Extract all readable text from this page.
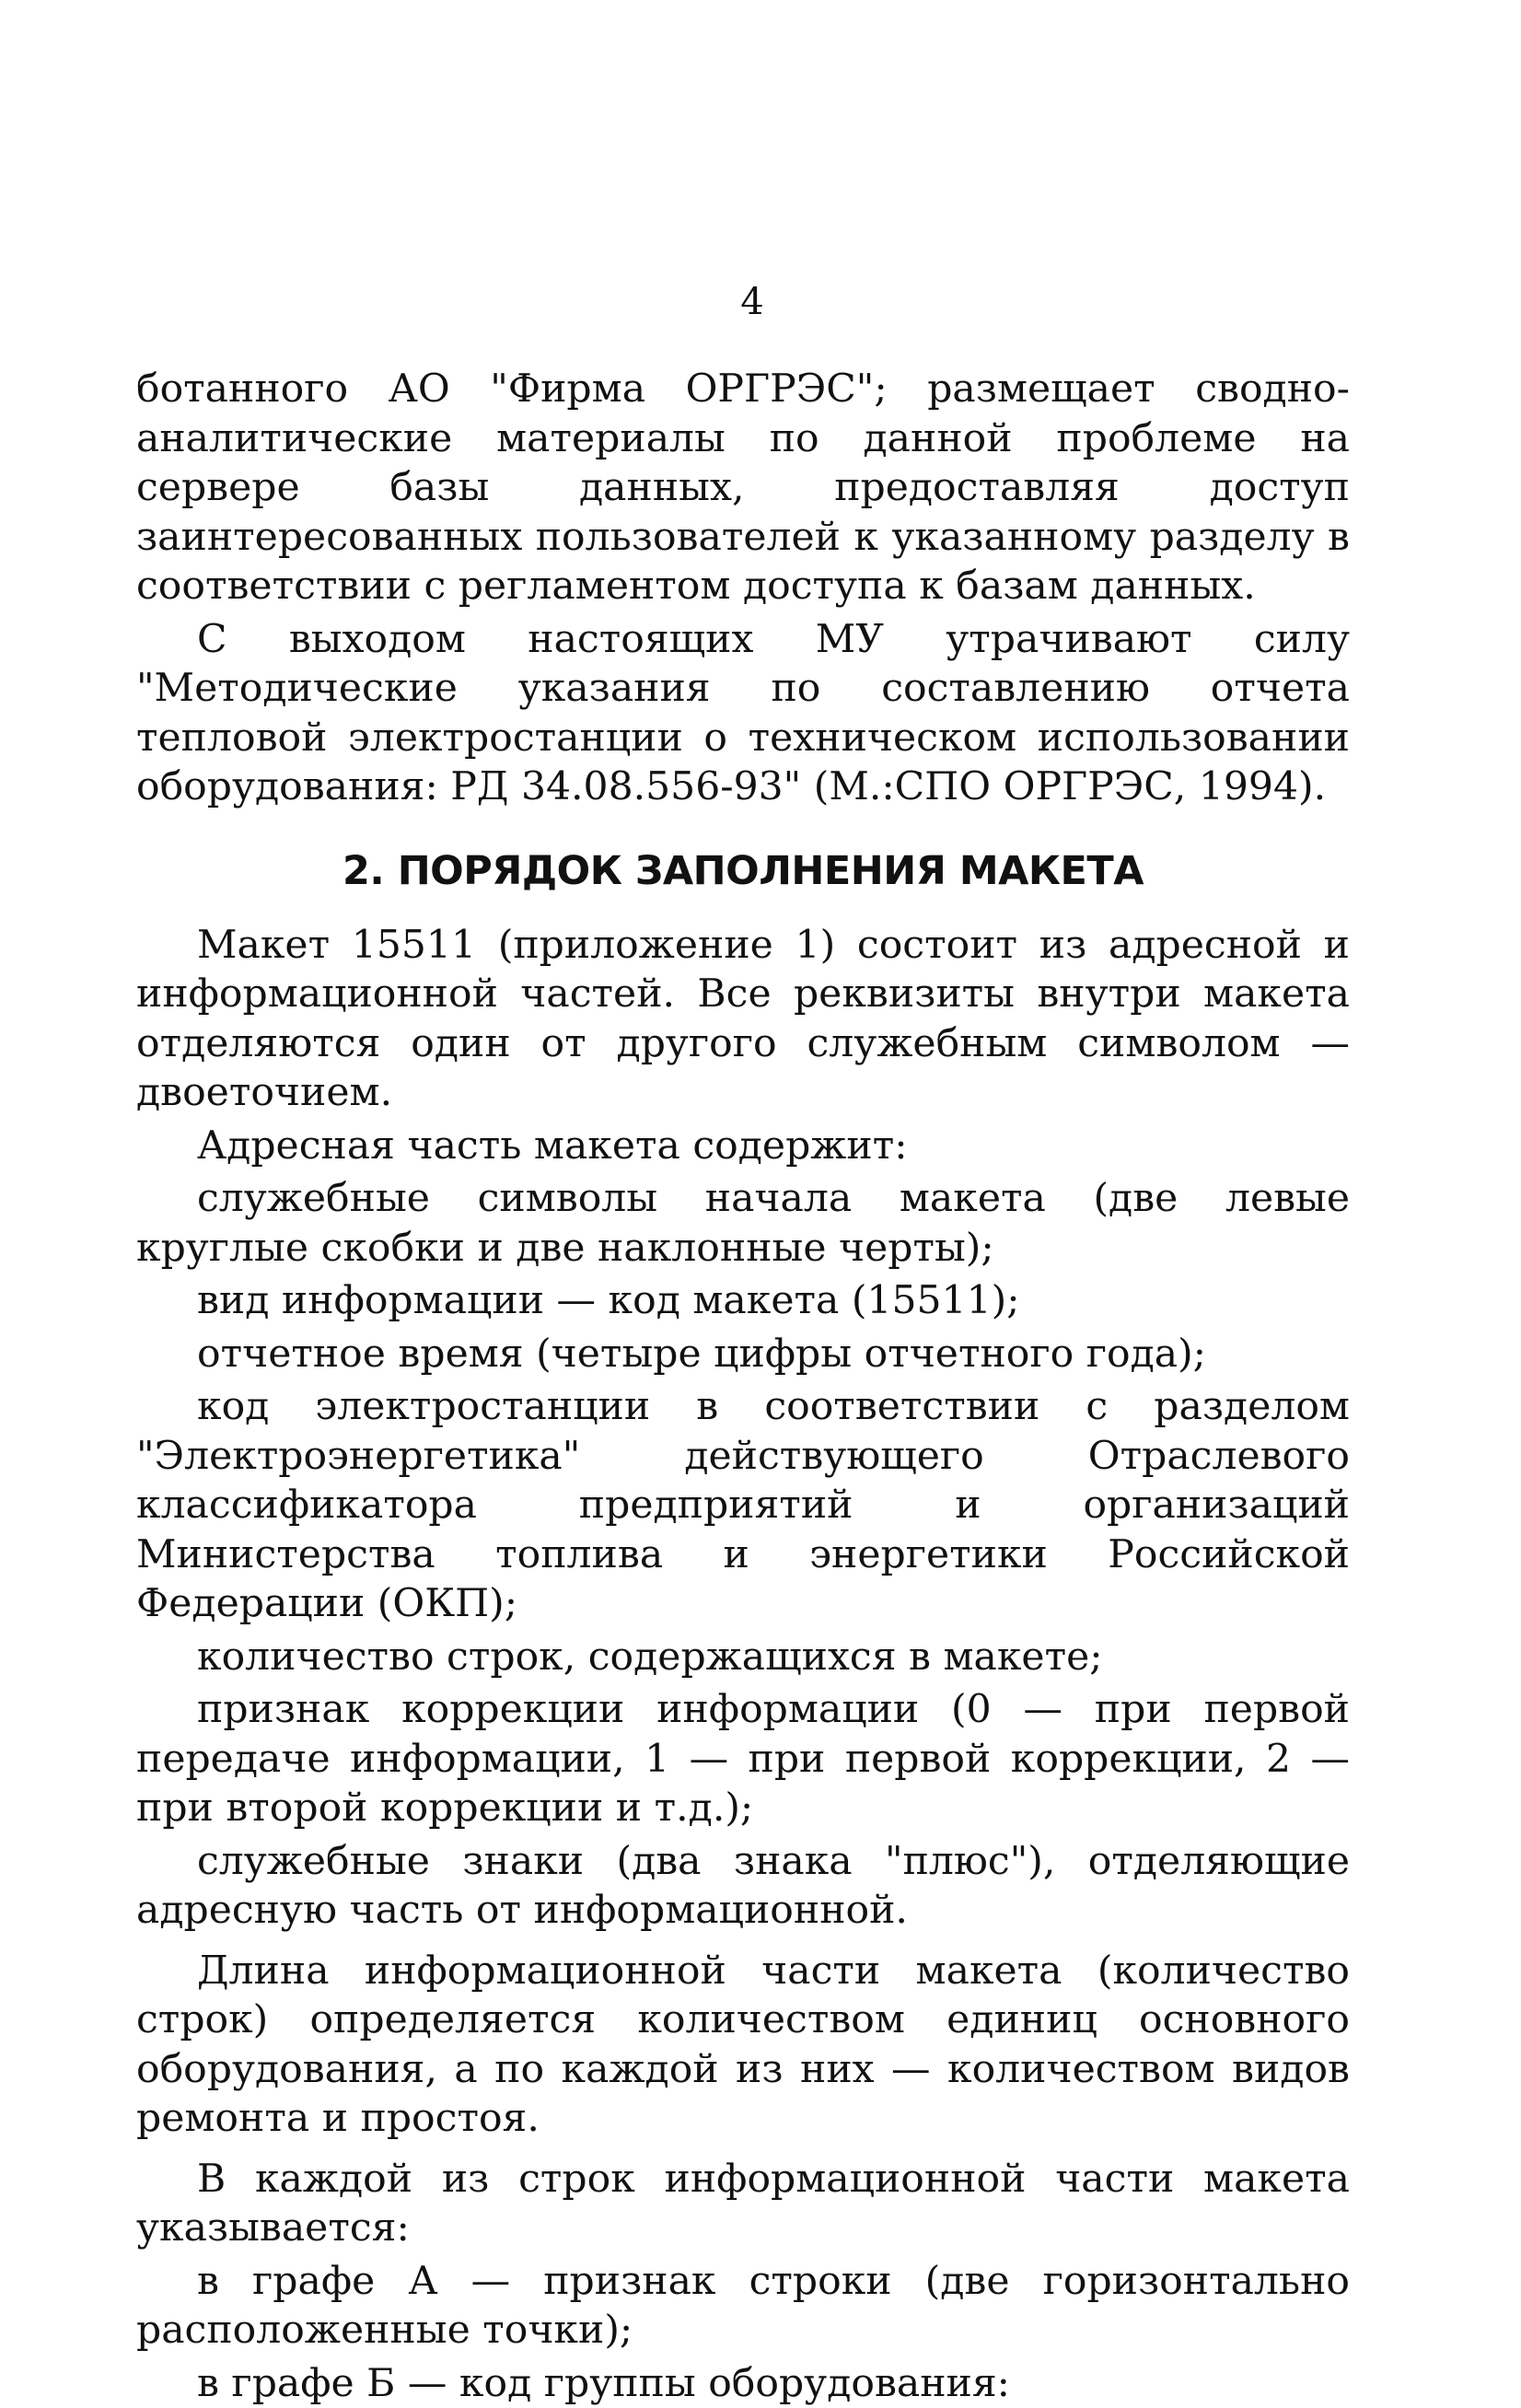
4

ботанного АО "Фирма ОРГРЭС"; размещает сводно-аналитические материалы по данной проблеме на сервере базы данных, предоставляя доступ заинтересованных пользователей к указанному разделу в соответствии с регламентом доступа к базам данных.

С выходом настоящих МУ утрачивают силу "Методические указания по составлению отчета тепловой электростанции о техническом использовании оборудования: РД 34.08.556-93" (М.:СПО ОРГРЭС, 1994).

2. ПОРЯДОК ЗАПОЛНЕНИЯ МАКЕТА

Макет 15511 (приложение 1) состоит из адресной и информационной частей. Все реквизиты внутри макета отделяются один от другого служебным символом — двоеточием.

Адресная часть макета содержит:

служебные символы начала макета (две левые круглые скобки и две наклонные черты);

вид информации — код макета (15511);

отчетное время (четыре цифры отчетного года);

код электростанции в соответствии с разделом "Электроэнергетика" действующего Отраслевого классификатора предприятий и организаций Министерства топлива и энергетики Российской Федерации (ОКП);

количество строк, содержащихся в макете;

признак коррекции информации (0 — при первой передаче информации, 1 — при первой коррекции, 2 — при второй коррекции и т.д.);

служебные знаки (два знака "плюс"), отделяющие адресную часть от информационной.

Длина информационной части макета (количество строк) определяется количеством единиц основного оборудования, а по каждой из них — количеством видов ремонта и простоя.

В каждой из строк информационной части макета указывается:

в графе А — признак строки (две горизонтально расположенные точки);

в графе Б — код группы оборудования:
